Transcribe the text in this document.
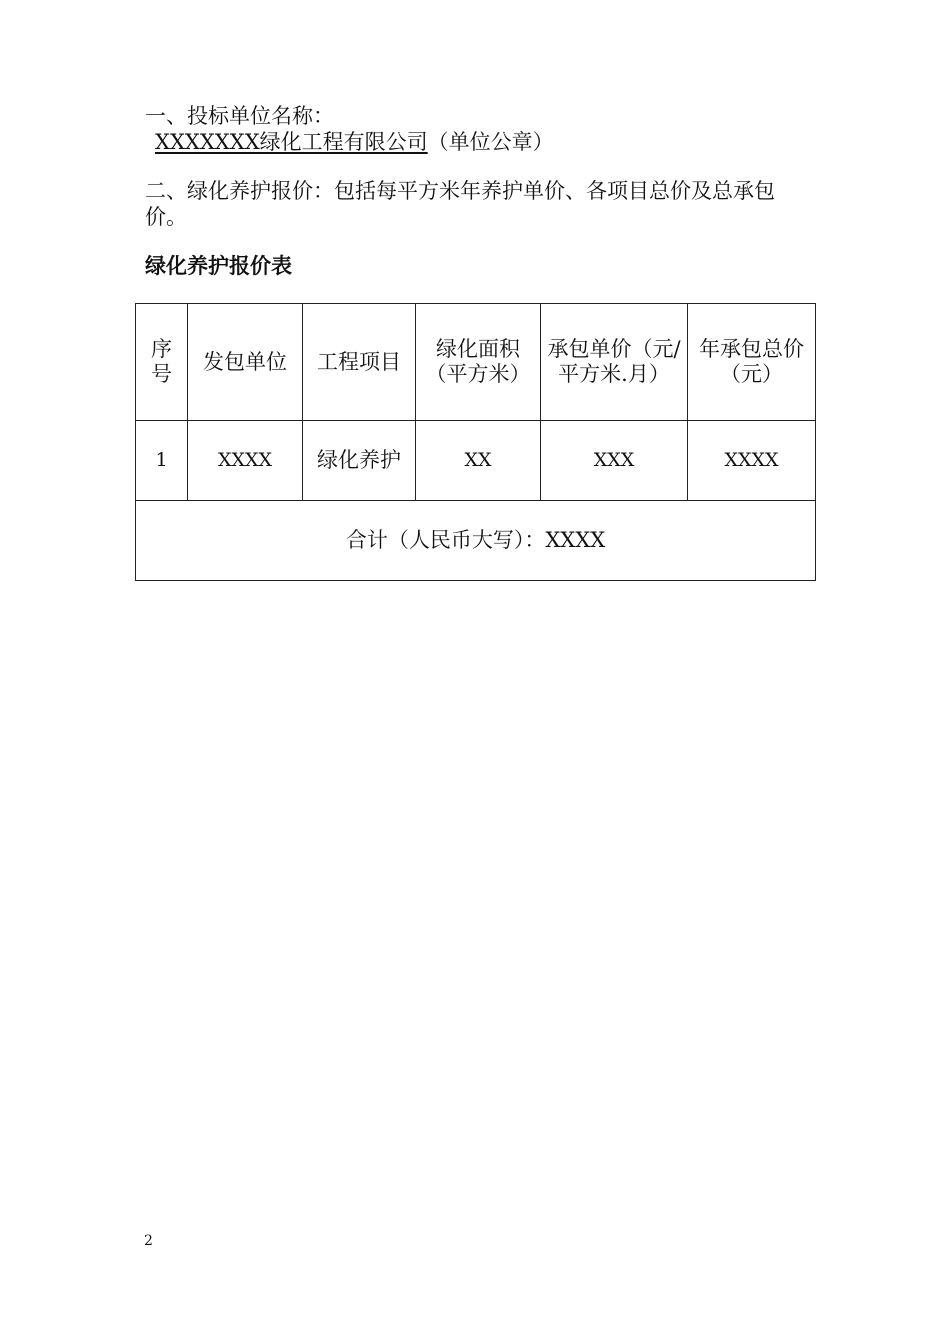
一、投标单位名称：
XXXXXXX绿化工程有限公司（单位公章）
二、绿化养护报价：包括每平方米年养护单价、各项目总价及总承包价。
绿化养护报价表
序号	发包单位	工程项目	绿化面积（平方米）	承包单价（元/平方米.月）	年承包总价（元）
1	XXXX	绿化养护	XX	XXX	XXXX
合计（人民币大写）：XXXX					
2
